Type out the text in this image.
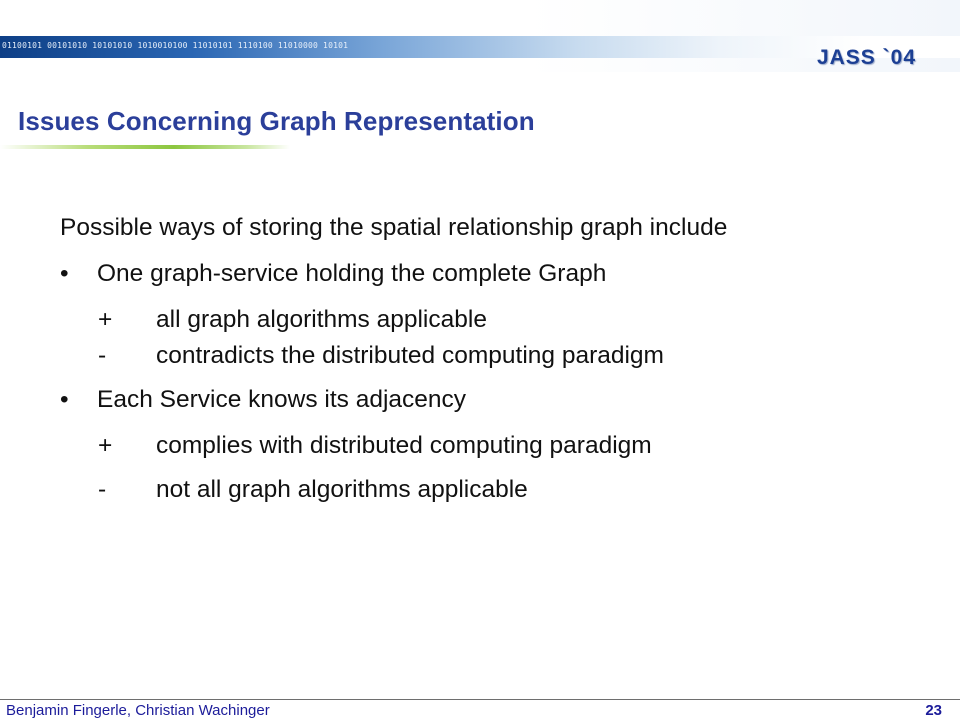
01100101 00101010 10101010 1010010100 11010101 1110100 11010000 10101
JASS `04
Issues Concerning Graph Representation
Possible ways of storing the spatial relationship graph include
• One graph-service holding the complete Graph
+ all graph algorithms applicable
- contradicts the distributed computing paradigm
• Each Service knows its adjacency
+ complies with distributed computing paradigm
- not all graph algorithms applicable
Benjamin Fingerle, Christian Wachinger	23
